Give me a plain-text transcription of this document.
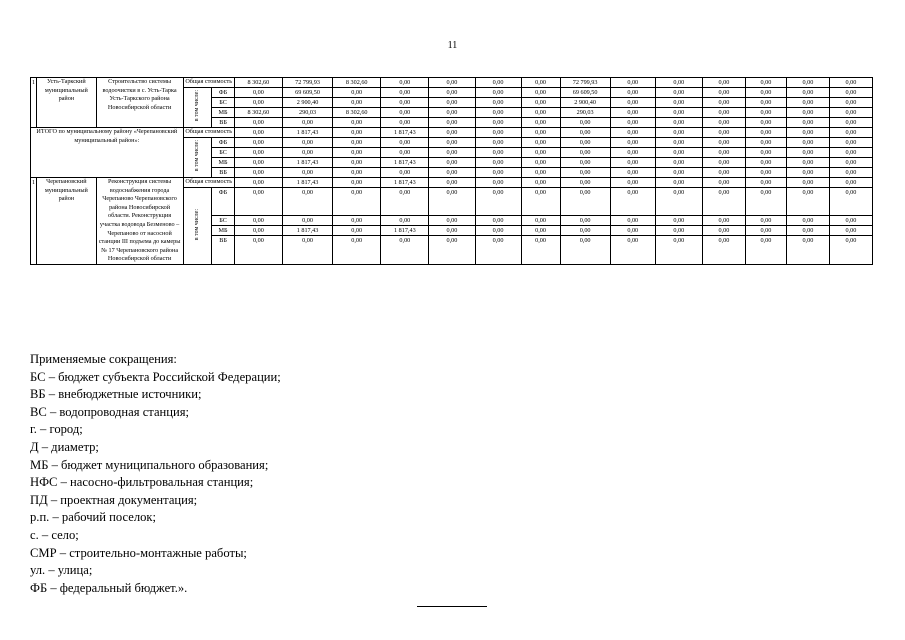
11
1	Усть-Таркский муниципальный район	Строительство системы водоочистки в с. Усть-Тарка Усть-Таркского района Новосибирской области	Общая стоимость		8 302,60	72 799,93	8 302,60	0,00	0,00	0,00	0,00	72 799,93	0,00	0,00	0,00	0,00	0,00	0,00
			в том числе:	ФБ	0,00	69 609,50	0,00	0,00	0,00	0,00	0,00	69 609,50	0,00	0,00	0,00	0,00	0,00	0,00
				БС	0,00	2 900,40	0,00	0,00	0,00	0,00	0,00	2 900,40	0,00	0,00	0,00	0,00	0,00	0,00
				МБ	8 302,60	290,03	8 302,60	0,00	0,00	0,00	0,00	290,03	0,00	0,00	0,00	0,00	0,00	0,00
				ВБ	0,00	0,00	0,00	0,00	0,00	0,00	0,00	0,00	0,00	0,00	0,00	0,00	0,00	0,00
ИТОГО по муниципальному району «Черепановский муниципальный район»:			Общая стоимость		0,00	1 817,43	0,00	1 817,43	0,00	0,00	0,00	0,00	0,00	0,00	0,00	0,00	0,00	0,00
			в том числе:	ФБ	0,00	0,00	0,00	0,00	0,00	0,00	0,00	0,00	0,00	0,00	0,00	0,00	0,00	0,00
				БС	0,00	0,00	0,00	0,00	0,00	0,00	0,00	0,00	0,00	0,00	0,00	0,00	0,00	0,00
				МБ	0,00	1 817,43	0,00	1 817,43	0,00	0,00	0,00	0,00	0,00	0,00	0,00	0,00	0,00	0,00
				ВБ	0,00	0,00	0,00	0,00	0,00	0,00	0,00	0,00	0,00	0,00	0,00	0,00	0,00	0,00
1	Черепановский муниципальный район	Реконструкция системы водоснабжения города Черепаново Черепановского района Новосибирской области. Реконструкция участка водовода Безменово – Черепаново от насосной станции III подъема до камеры № 17 Черепановского района Новосибирской области	Общая стоимость		0,00	1 817,43	0,00	1 817,43	0,00	0,00	0,00	0,00	0,00	0,00	0,00	0,00	0,00	0,00
			в том числе:	ФБ	0,00	0,00	0,00	0,00	0,00	0,00	0,00	0,00	0,00	0,00	0,00	0,00	0,00	0,00
				БС	0,00	0,00	0,00	0,00	0,00	0,00	0,00	0,00	0,00	0,00	0,00	0,00	0,00	0,00
				МБ	0,00	1 817,43	0,00	1 817,43	0,00	0,00	0,00	0,00	0,00	0,00	0,00	0,00	0,00	0,00
				ВБ	0,00	0,00	0,00	0,00	0,00	0,00	0,00	0,00	0,00	0,00	0,00	0,00	0,00	0,00

Применяемые сокращения:
БС – бюджет субъекта Российской Федерации;
ВБ – внебюджетные источники;
ВС – водопроводная станция;
г. – город;
Д – диаметр;
МБ – бюджет муниципального образования;
НФС – насосно-фильтровальная станция;
ПД – проектная документация;
р.п. – рабочий поселок;
с. – село;
СМР – строительно-монтажные работы;
ул. – улица;
ФБ – федеральный бюджет.».
